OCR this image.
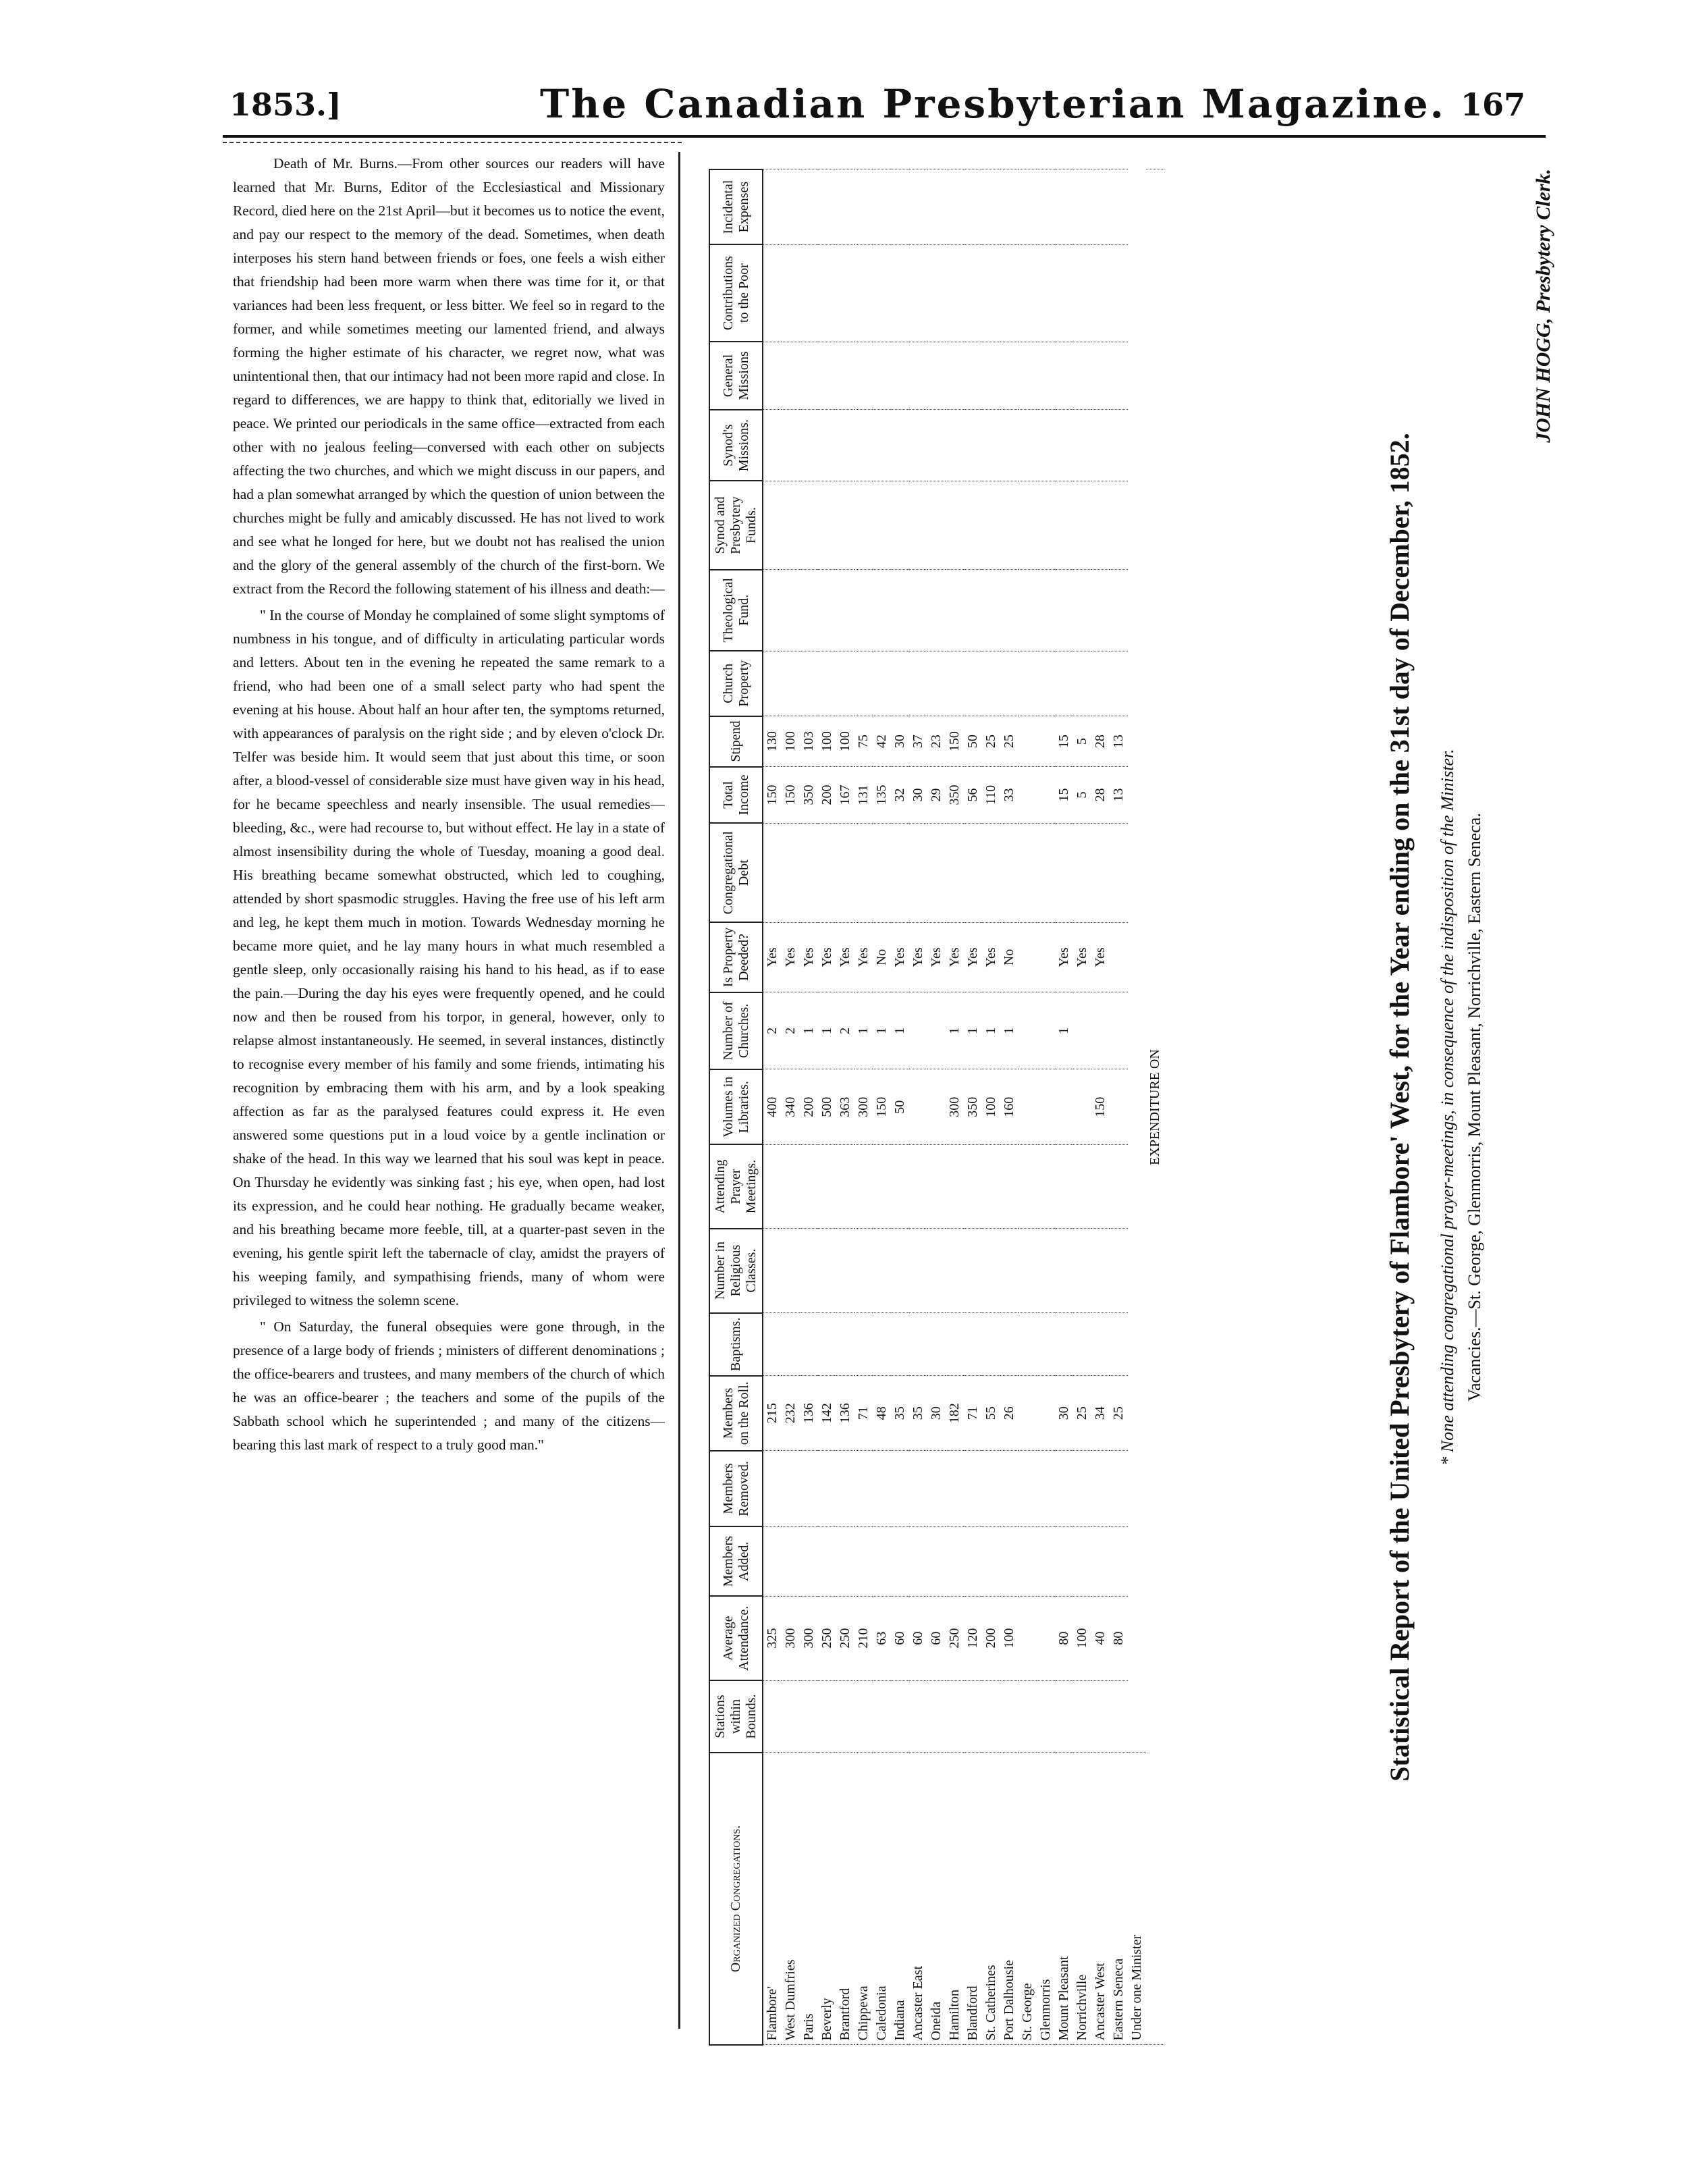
1853.]	The Canadian Presbyterian Magazine. 167

Death of Mr. Burns.—From other sources our readers will have learned that Mr. Burns, Editor of the Ecclesiastical and Missionary Record, died here on the 21st April—but it becomes us to notice the event, and pay our respect to the memory of the dead. Sometimes, when death interposes his stern hand between friends or foes, one feels a wish either that friendship had been more warm when there was time for it, or that variances had been less frequent, or less bitter. We feel so in regard to the former, and while sometimes meeting our lamented friend, and always forming the higher estimate of his character, we regret now, what was unintentional then, that our intimacy had not been more rapid and close. In regard to differences, we are happy to think that, editorially we lived in peace. We printed our periodicals in the same office—extracted from each other with no jealous feeling—conversed with each other on subjects affecting the two churches, and which we might discuss in our papers, and had a plan somewhat arranged by which the question of union between the churches might be fully and amicably discussed. He has not lived to work and see what he longed for here, but we doubt not has realised the union and the glory of the general assembly of the church of the first-born. We extract from the Record the following statement of his illness and death:—

" In the course of Monday he complained of some slight symptoms of numbness in his tongue, and of difficulty in articulating particular words and letters. About ten in the evening he repeated the same remark to a friend, who had been one of a small select party who had spent the evening at his house. About half an hour after ten, the symptoms returned, with appearances of paralysis on the right side ; and by eleven o'clock Dr. Telfer was beside him. It would seem that just about this time, or soon after, a blood-vessel of considerable size must have given way in his head, for he became speechless and nearly insensible. The usual remedies—bleeding, &c., were had recourse to, but without effect. He lay in a state of almost insensibility during the whole of Tuesday, moaning a good deal. His breathing became somewhat obstructed, which led to coughing, attended by short spasmodic struggles. Having the free use of his left arm and leg, he kept them much in motion. Towards Wednesday morning he became more quiet, and he lay many hours in what much resembled a gentle sleep, only occasionally raising his hand to his head, as if to ease the pain.—During the day his eyes were frequently opened, and he could now and then be roused from his torpor, in general, however, only to relapse almost instantaneously. He seemed, in several instances, distinctly to recognise every member of his family and some friends, intimating his recognition by embracing them with his arm, and by a look speaking affection as far as the paralysed features could express it. He even answered some questions put in a loud voice by a gentle inclination or shake of the head. In this way we learned that his soul was kept in peace. On Thursday he evidently was sinking fast ; his eye, when open, had lost its expression, and he could hear nothing. He gradually became weaker, and his breathing became more feeble, till, at a quarter-past seven in the evening, his gentle spirit left the tabernacle of clay, amidst the prayers of his weeping family, and sympathising friends, many of whom were privileged to witness the solemn scene.

" On Saturday, the funeral obsequies were gone through, in the presence of a large body of friends ; ministers of different denominations ; the office-bearers and trustees, and many members of the church of which he was an office-bearer ; the teachers and some of the pupils of the Sabbath school which he superintended ; and many of the citizens—bearing this last mark of respect to a truly good man."

Organized Congregations.	Stations within Bounds.	Average Attendance.	Members Added.	Members Removed.	Members on the Roll.	Baptisms.	Number in Religious Classes.	Attending Prayer Meetings.	Volumes in Libraries.	Number of Churches.	Is Property Deeded?	Congregational Debt	Total Income	Stipend	Church Property	Theological Fund.	Synod and Presbytery Funds.	Synod's Missions.	General Missions	Contributions to the Poor	Incidental Expenses
Flambore'		325			215				400	2	Yes		150	130							
West Dumfries		300			232				340	2	Yes		150	100							
Paris		300			136				200	1	Yes		350	103							
Beverly		250			142				500	1	Yes		200	100							
Brantford		250			136				363	2	Yes		167	100							
Chippewa		210			71				300	1	Yes		131	75							
Caledonia		63			48				150	1	No		135	42							
Indiana		60			35				50	1	Yes		32	30							
Ancaster East		60			35						Yes		30	37							
Oneida		60			30						Yes		29	23							
Hamilton		250			182				300	1	Yes		350	150							
Blandford		120			71				350	1	Yes		56	50							
St. Catherines		200			55				100	1	Yes		110	25							
Port Dalhousie		100			26				160	1	No		33	25							
St. George																					
Glenmorris																					
Mount Pleasant		80			30					1	Yes		15	15							
Norrichville		100			25						Yes		5	5							
Ancaster West		40			34				150		Yes		28	28							
Eastern Seneca		80			25								13	13							
Under one Minister																					
EXPENDITURE ON																						Statistical Report of the United Presbytery of Flambore' West, for the Year ending on the 31st day of December, 1852. * None attending congregational prayer-meetings, in consequence of the indisposition of the Minister. Vacancies.—St. George, Glenmorris, Mount Pleasant, Norrichville, Eastern Seneca.
JOHN HOGG, Presbytery Clerk.
